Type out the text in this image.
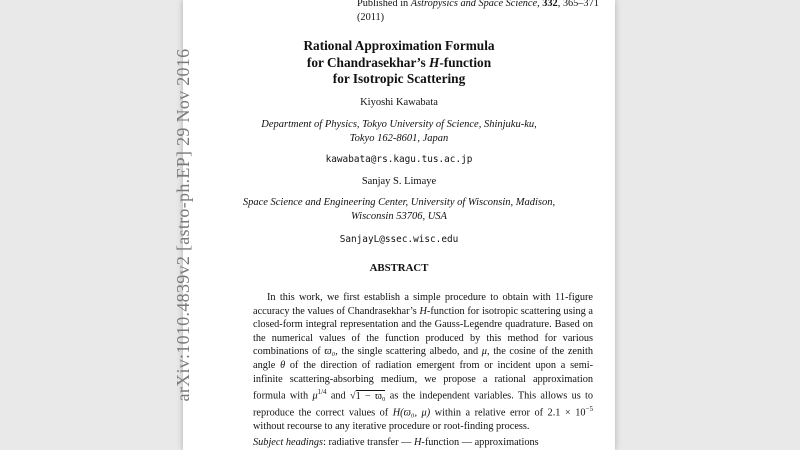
arXiv:1010.4839v2 [astro-ph.EP] 29 Nov 2016
Published in Astropysics and Space Science, 332, 365–371
(2011)
Rational Approximation Formula
for Chandrasekhar’s H-function
for Isotropic Scattering
Kiyoshi Kawabata
Department of Physics, Tokyo University of Science, Shinjuku-ku,
Tokyo 162-8601, Japan
kawabata@rs.kagu.tus.ac.jp
Sanjay S. Limaye
Space Science and Engineering Center, University of Wisconsin, Madison,
Wisconsin 53706, USA
SanjayL@ssec.wisc.edu
ABSTRACT
In this work, we first establish a simple procedure to obtain with 11-figure accuracy the values of Chandrasekhar’s H-function for isotropic scattering using a closed-form integral representation and the Gauss-Legendre quadrature. Based on the numerical values of the function produced by this method for various combinations of ϖ₀, the single scattering albedo, and μ, the cosine of the zenith angle θ of the direction of radiation emergent from or incident upon a semi-infinite scattering-absorbing medium, we propose a rational approximation formula with $\mu^{1/4}$ and √1 − ϖ₀ as the independent variables. This allows us to reproduce the correct values of H(ϖ₀, μ) within a relative error of $2.1 \times 10^{-5}$ without recourse to any iterative procedure or root-finding process.
Subject headings: radiative transfer — H-function — approximations
